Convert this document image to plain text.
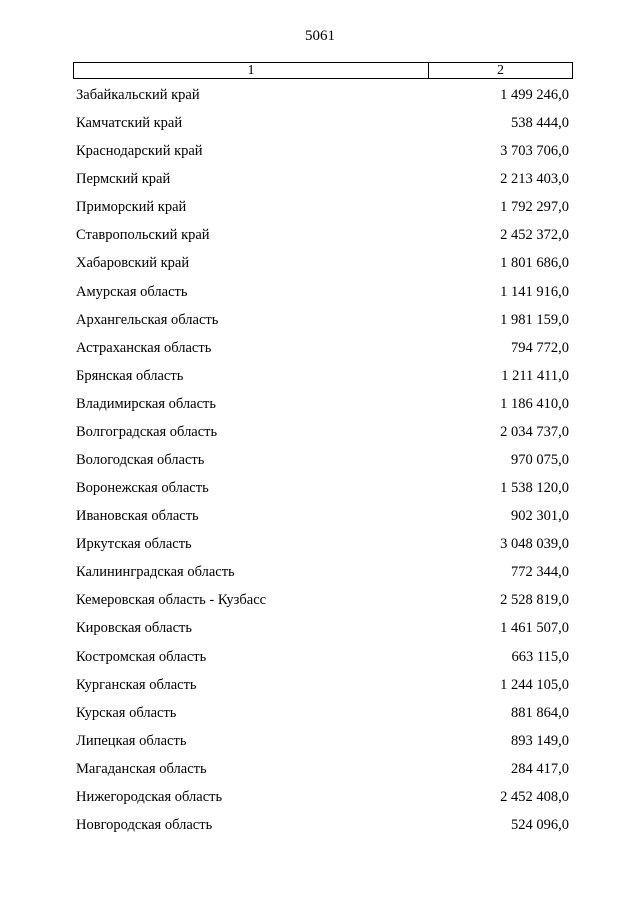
5061
1	2
Забайкальский край	1 499 246,0
Камчатский край	538 444,0
Краснодарский край	3 703 706,0
Пермский край	2 213 403,0
Приморский край	1 792 297,0
Ставропольский край	2 452 372,0
Хабаровский край	1 801 686,0
Амурская область	1 141 916,0
Архангельская область	1 981 159,0
Астраханская область	794 772,0
Брянская область	1 211 411,0
Владимирская область	1 186 410,0
Волгоградская область	2 034 737,0
Вологодская область	970 075,0
Воронежская область	1 538 120,0
Ивановская область	902 301,0
Иркутская область	3 048 039,0
Калининградская область	772 344,0
Кемеровская область - Кузбасс	2 528 819,0
Кировская область	1 461 507,0
Костромская область	663 115,0
Курганская область	1 244 105,0
Курская область	881 864,0
Липецкая область	893 149,0
Магаданская область	284 417,0
Нижегородская область	2 452 408,0
Новгородская область	524 096,0
